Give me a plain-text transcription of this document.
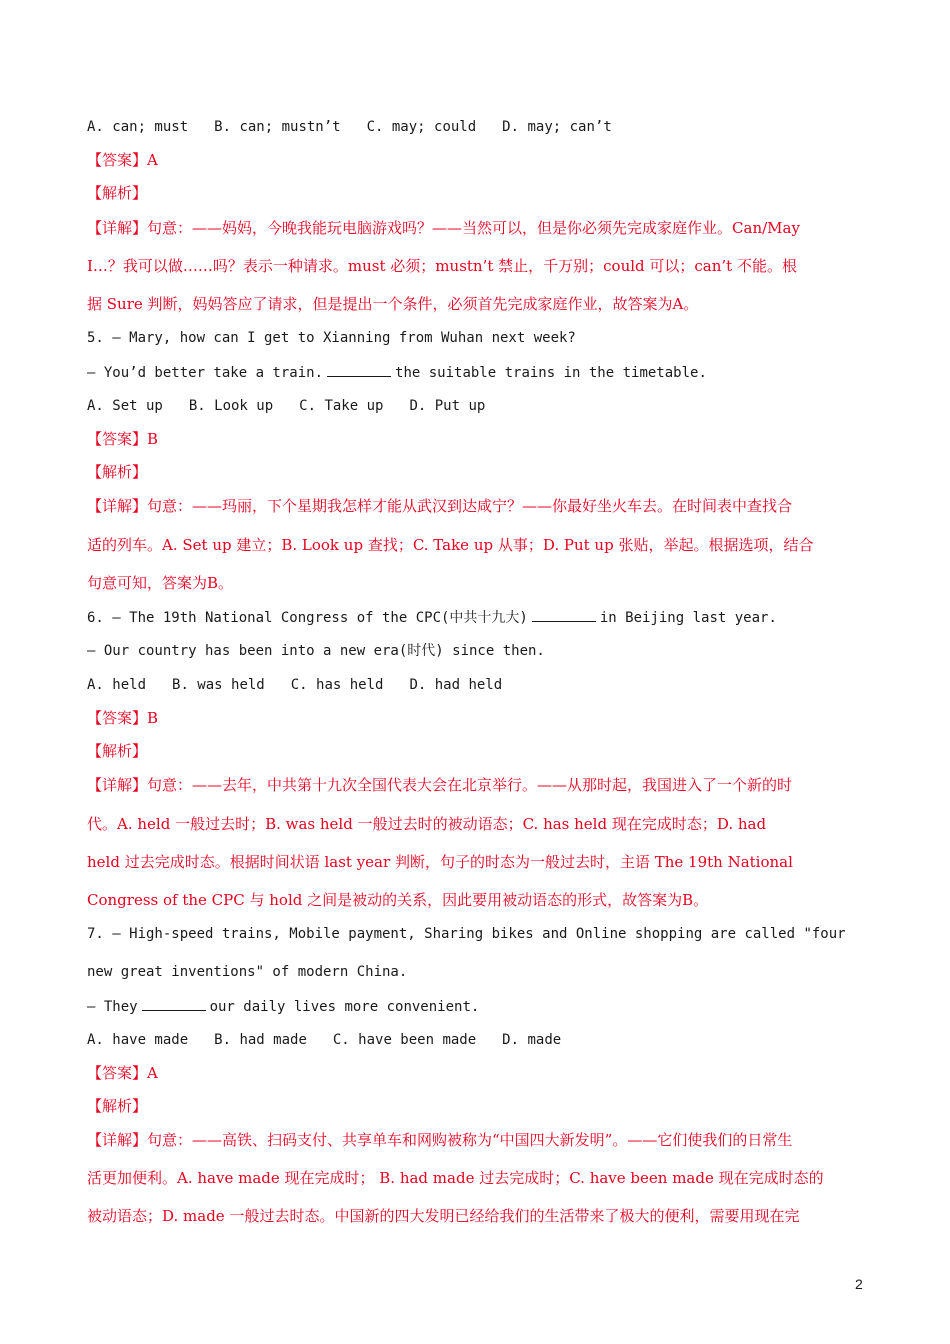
A. can; must B. can; mustn’t C. may; could D. may; can’t
【答案】A
【解析】
【详解】句意：——妈妈，今晚我能玩电脑游戏吗？——当然可以，但是你必须先完成家庭作业。Can/May
I…？我可以做……吗？表示一种请求。must 必须；mustn’t 禁止，千万别；could 可以；can’t 不能。根
据 Sure 判断，妈妈答应了请求，但是提出一个条件，必须首先完成家庭作业，故答案为A。
5. — Mary, how can I get to Xianning from Wuhan next week?
— You’d better take a train.	the suitable trains in the timetable.
A. Set up B. Look up C. Take up D. Put up
【答案】B
【解析】
【详解】句意：——玛丽，下个星期我怎样才能从武汉到达咸宁？——你最好坐火车去。在时间表中查找合
适的列车。A. Set up 建立；B. Look up 查找；C. Take up 从事；D. Put up 张贴，举起。根据选项，结合
句意可知，答案为B。
6. — The 19th National Congress of the CPC(中共十九大)	in Beijing last year.
— Our country has been into a new era(时代) since then.
A. held B. was held C. has held D. had held
【答案】B
【解析】
【详解】句意：——去年，中共第十九次全国代表大会在北京举行。——从那时起，我国进入了一个新的时
代。A. held 一般过去时；B. was held 一般过去时的被动语态；C. has held 现在完成时态；D. had
held 过去完成时态。根据时间状语 last year 判断，句子的时态为一般过去时，主语 The 19th National
Congress of the CPC 与 hold 之间是被动的关系，因此要用被动语态的形式，故答案为B。
7. — High-speed trains, Mobile payment, Sharing bikes and Online shopping are called "four
new great inventions" of modern China.
— They	our daily lives more convenient.
A. have made B. had made C. have been made D. made
【答案】A
【解析】
【详解】句意：——高铁、扫码支付、共享单车和网购被称为“中国四大新发明”。——它们使我们的日常生
活更加便利。A. have made 现在完成时； B. had made 过去完成时；C. have been made 现在完成时态的
被动语态；D. made 一般过去时态。中国新的四大发明已经给我们的生活带来了极大的便利，需要用现在完
2
